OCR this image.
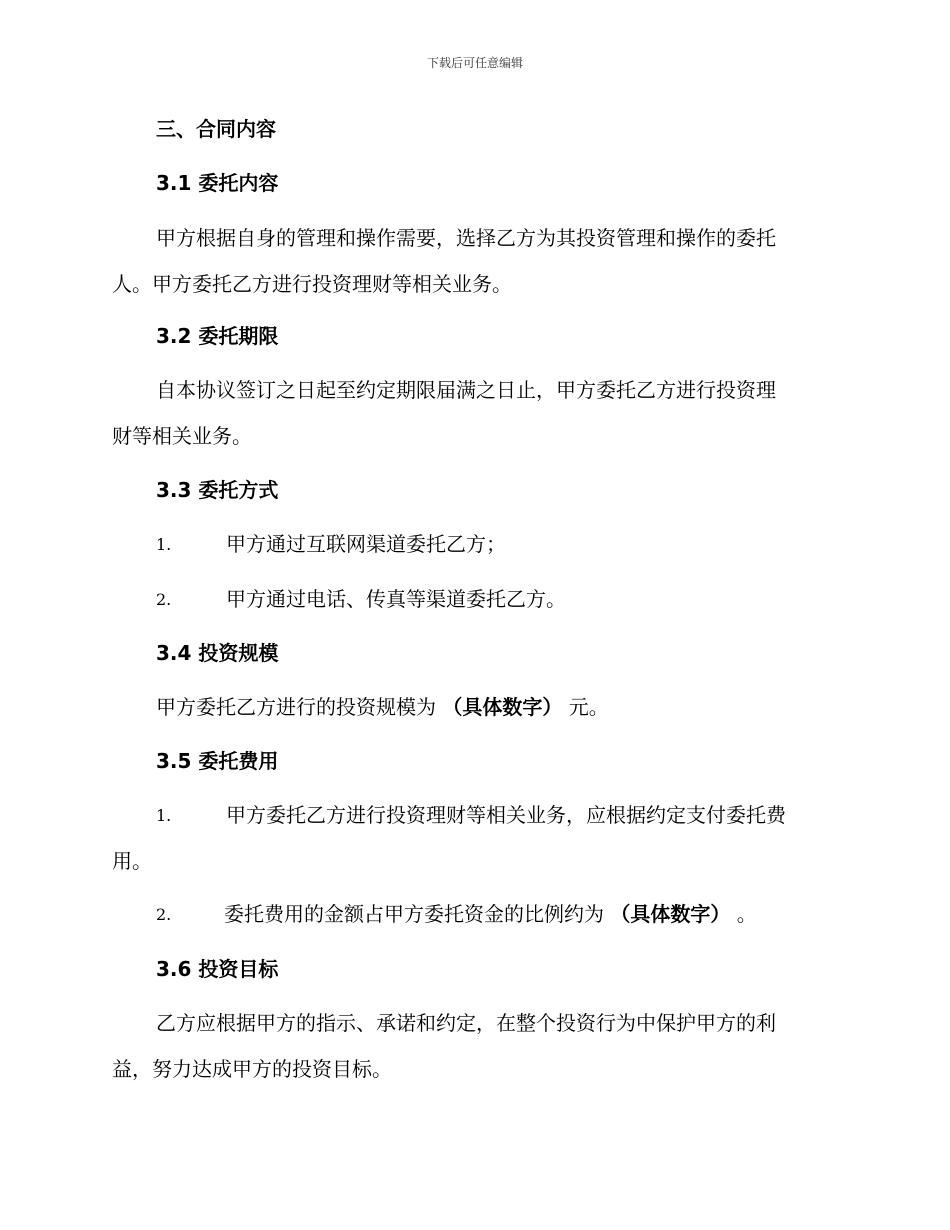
下载后可任意编辑
三、合同内容
3.1 委托内容
甲方根据自身的管理和操作需要，选择乙方为其投资管理和操作的委托
人。甲方委托乙方进行投资理财等相关业务。
3.2 委托期限
自本协议签订之日起至约定期限届满之日止，甲方委托乙方进行投资理
财等相关业务。
3.3 委托方式
1.	甲方通过互联网渠道委托乙方；
2.	甲方通过电话、传真等渠道委托乙方。
3.4 投资规模
甲方委托乙方进行的投资规模为 （具体数字） 元。
3.5 委托费用
1.	甲方委托乙方进行投资理财等相关业务，应根据约定支付委托费
用。
2.	委托费用的金额占甲方委托资金的比例约为 （具体数字） 。
3.6 投资目标
乙方应根据甲方的指示、承诺和约定，在整个投资行为中保护甲方的利
益，努力达成甲方的投资目标。
